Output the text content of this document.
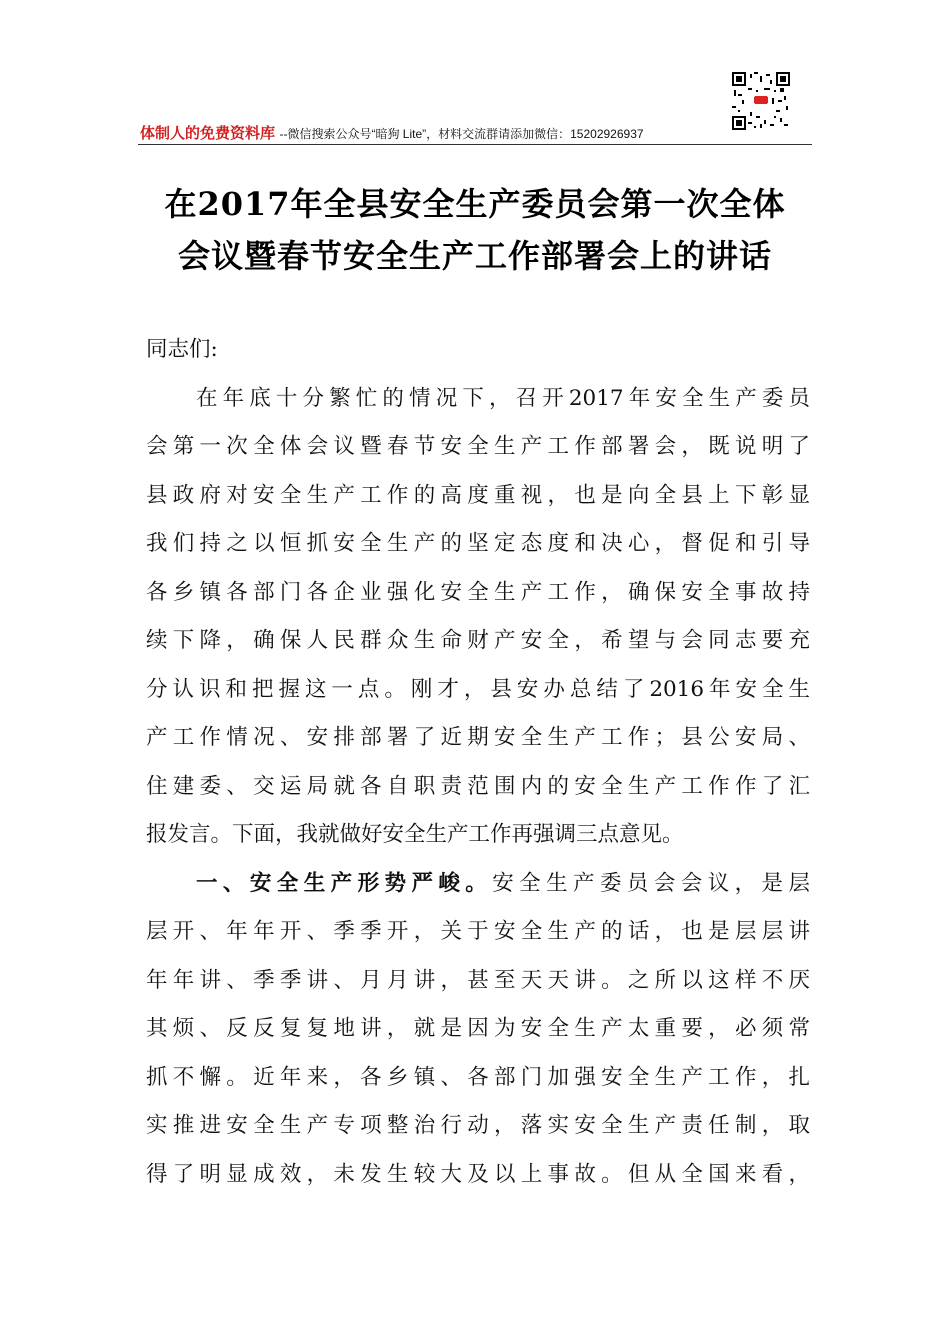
体制人的免费资料库 --微信搜索公众号“暗狗 Lite”，材料交流群请添加微信：15202926937
在2017年全县安全生产委员会第一次全体
会议暨春节安全生产工作部署会上的讲话
同志们:
在年底十分繁忙的情况下，召开2017年安全生产委员
会第一次全体会议暨春节安全生产工作部署会，既说明了
县政府对安全生产工作的高度重视，也是向全县上下彰显
我们持之以恒抓安全生产的坚定态度和决心，督促和引导
各乡镇各部门各企业强化安全生产工作，确保安全事故持
续下降，确保人民群众生命财产安全，希望与会同志要充
分认识和把握这一点。刚才，县安办总结了2016年安全生
产工作情况、安排部署了近期安全生产工作；县公安局、
住建委、交运局就各自职责范围内的安全生产工作作了汇
报发言。下面，我就做好安全生产工作再强调三点意见。
一、安全生产形势严峻。安全生产委员会会议，是层
层开、年年开、季季开，关于安全生产的话，也是层层讲
年年讲、季季讲、月月讲，甚至天天讲。之所以这样不厌
其烦、反反复复地讲，就是因为安全生产太重要，必须常
抓不懈。近年来，各乡镇、各部门加强安全生产工作，扎
实推进安全生产专项整治行动，落实安全生产责任制，取
得了明显成效，未发生较大及以上事故。但从全国来看，
